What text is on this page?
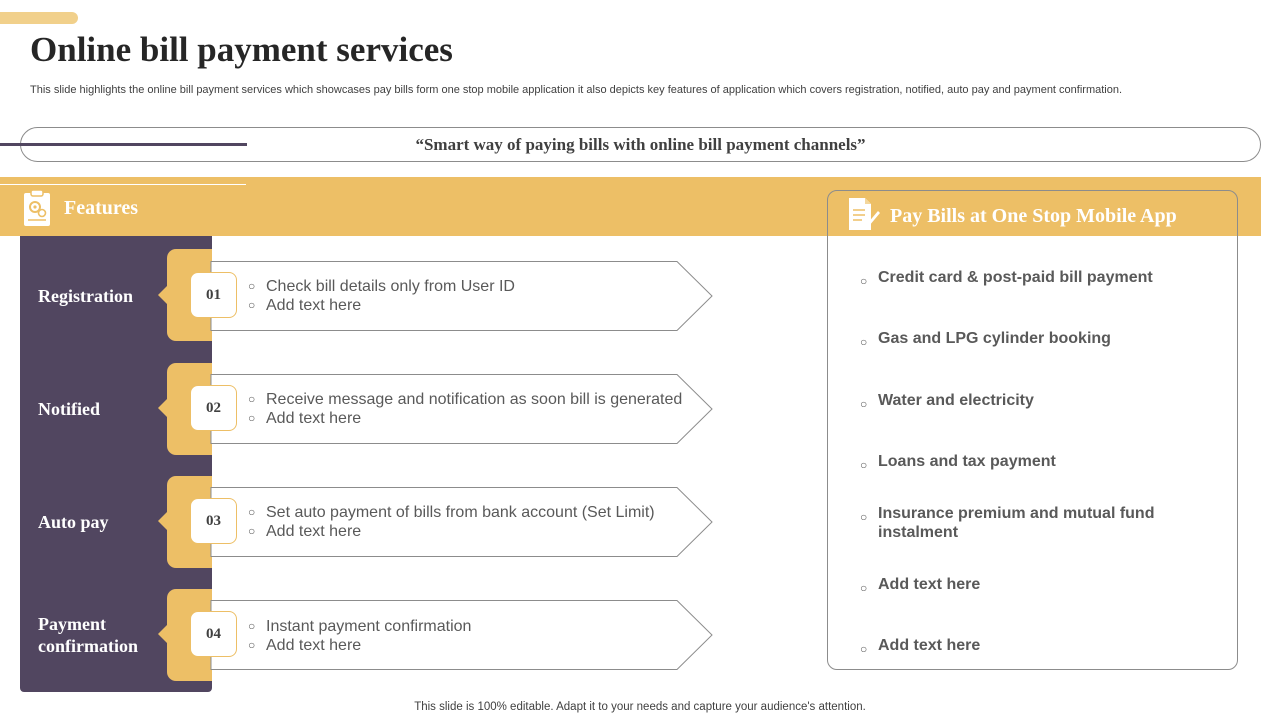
Online bill payment services

This slide highlights the online bill payment services which showcases pay bills form one stop mobile application it also depicts key features of application which covers registration, notified, auto pay and payment confirmation.

“Smart way of paying bills with online bill payment channels”
Features
Registration	01
○ Check bill details only from User ID
○ Add text here
Notified	02
○ Receive message and notification as soon bill is generated
○ Add text here
Auto pay	03
○ Set auto payment of bills from bank account (Set Limit)
○ Add text here
Payment
confirmation
04	○ Instant payment confirmation
○ Add text here
Pay Bills at One Stop Mobile App
○ Credit card & post-paid bill payment
○ Gas and LPG cylinder booking
○ Water and electricity
○ Loans and tax payment
○ Insurance premium and mutual fund instalment
○ Add text here
○ Add text here
This slide is 100% editable. Adapt it to your needs and capture your audience's attention.
